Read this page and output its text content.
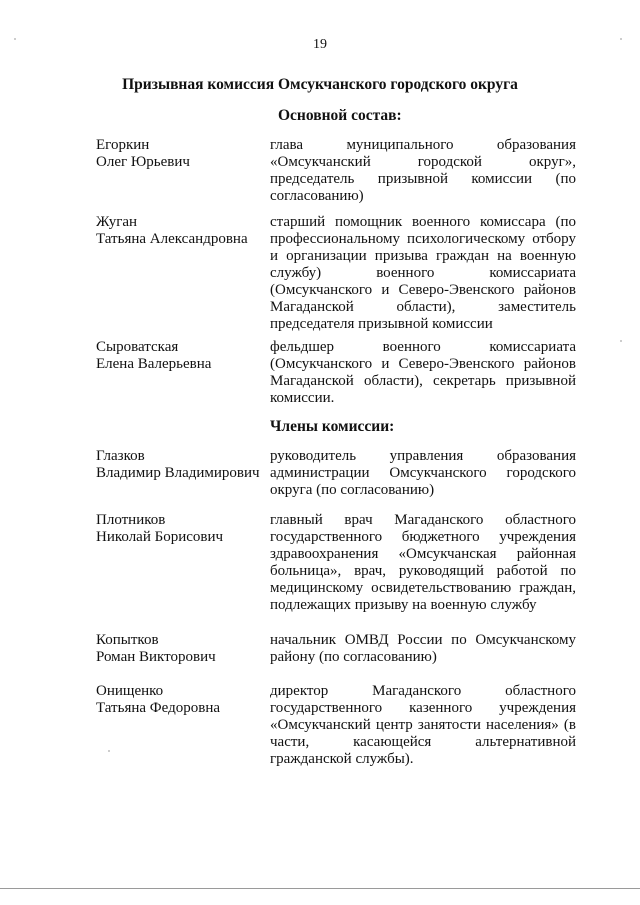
19
Призывная комиссия Омсукчанского городского округа
Основной состав:
Егоркин
Олег Юрьевич
глава муниципального образования «Омсукчанский городской округ», председатель призывной комиссии (по согласованию)
Жуган
Татьяна Александровна
старший помощник военного комиссара (по профессиональному психологическому отбору и организации призыва граждан на военную службу) военного комиссариата (Омсукчанского и Северо-Эвенского районов Магаданской области), заместитель председателя призывной комиссии
Сыроватская
Елена Валерьевна
фельдшер военного комиссариата (Омсукчанского и Северо-Эвенского районов Магаданской области), секретарь призывной комиссии.
Члены комиссии:
Глазков
Владимир Владимирович
руководитель управления образования администрации Омсукчанского городского округа (по согласованию)
Плотников
Николай Борисович
главный врач Магаданского областного государственного бюджетного учреждения здравоохранения «Омсукчанская районная больница», врач, руководящий работой по медицинскому освидетельствованию граждан, подлежащих призыву на военную службу
Копытков
Роман Викторович
начальник ОМВД России по Омсукчанскому району (по согласованию)
Онищенко
Татьяна Федоровна
директор Магаданского областного государственного казенного учреждения «Омсукчанский центр занятости населения» (в части, касающейся альтернативной гражданской службы).
